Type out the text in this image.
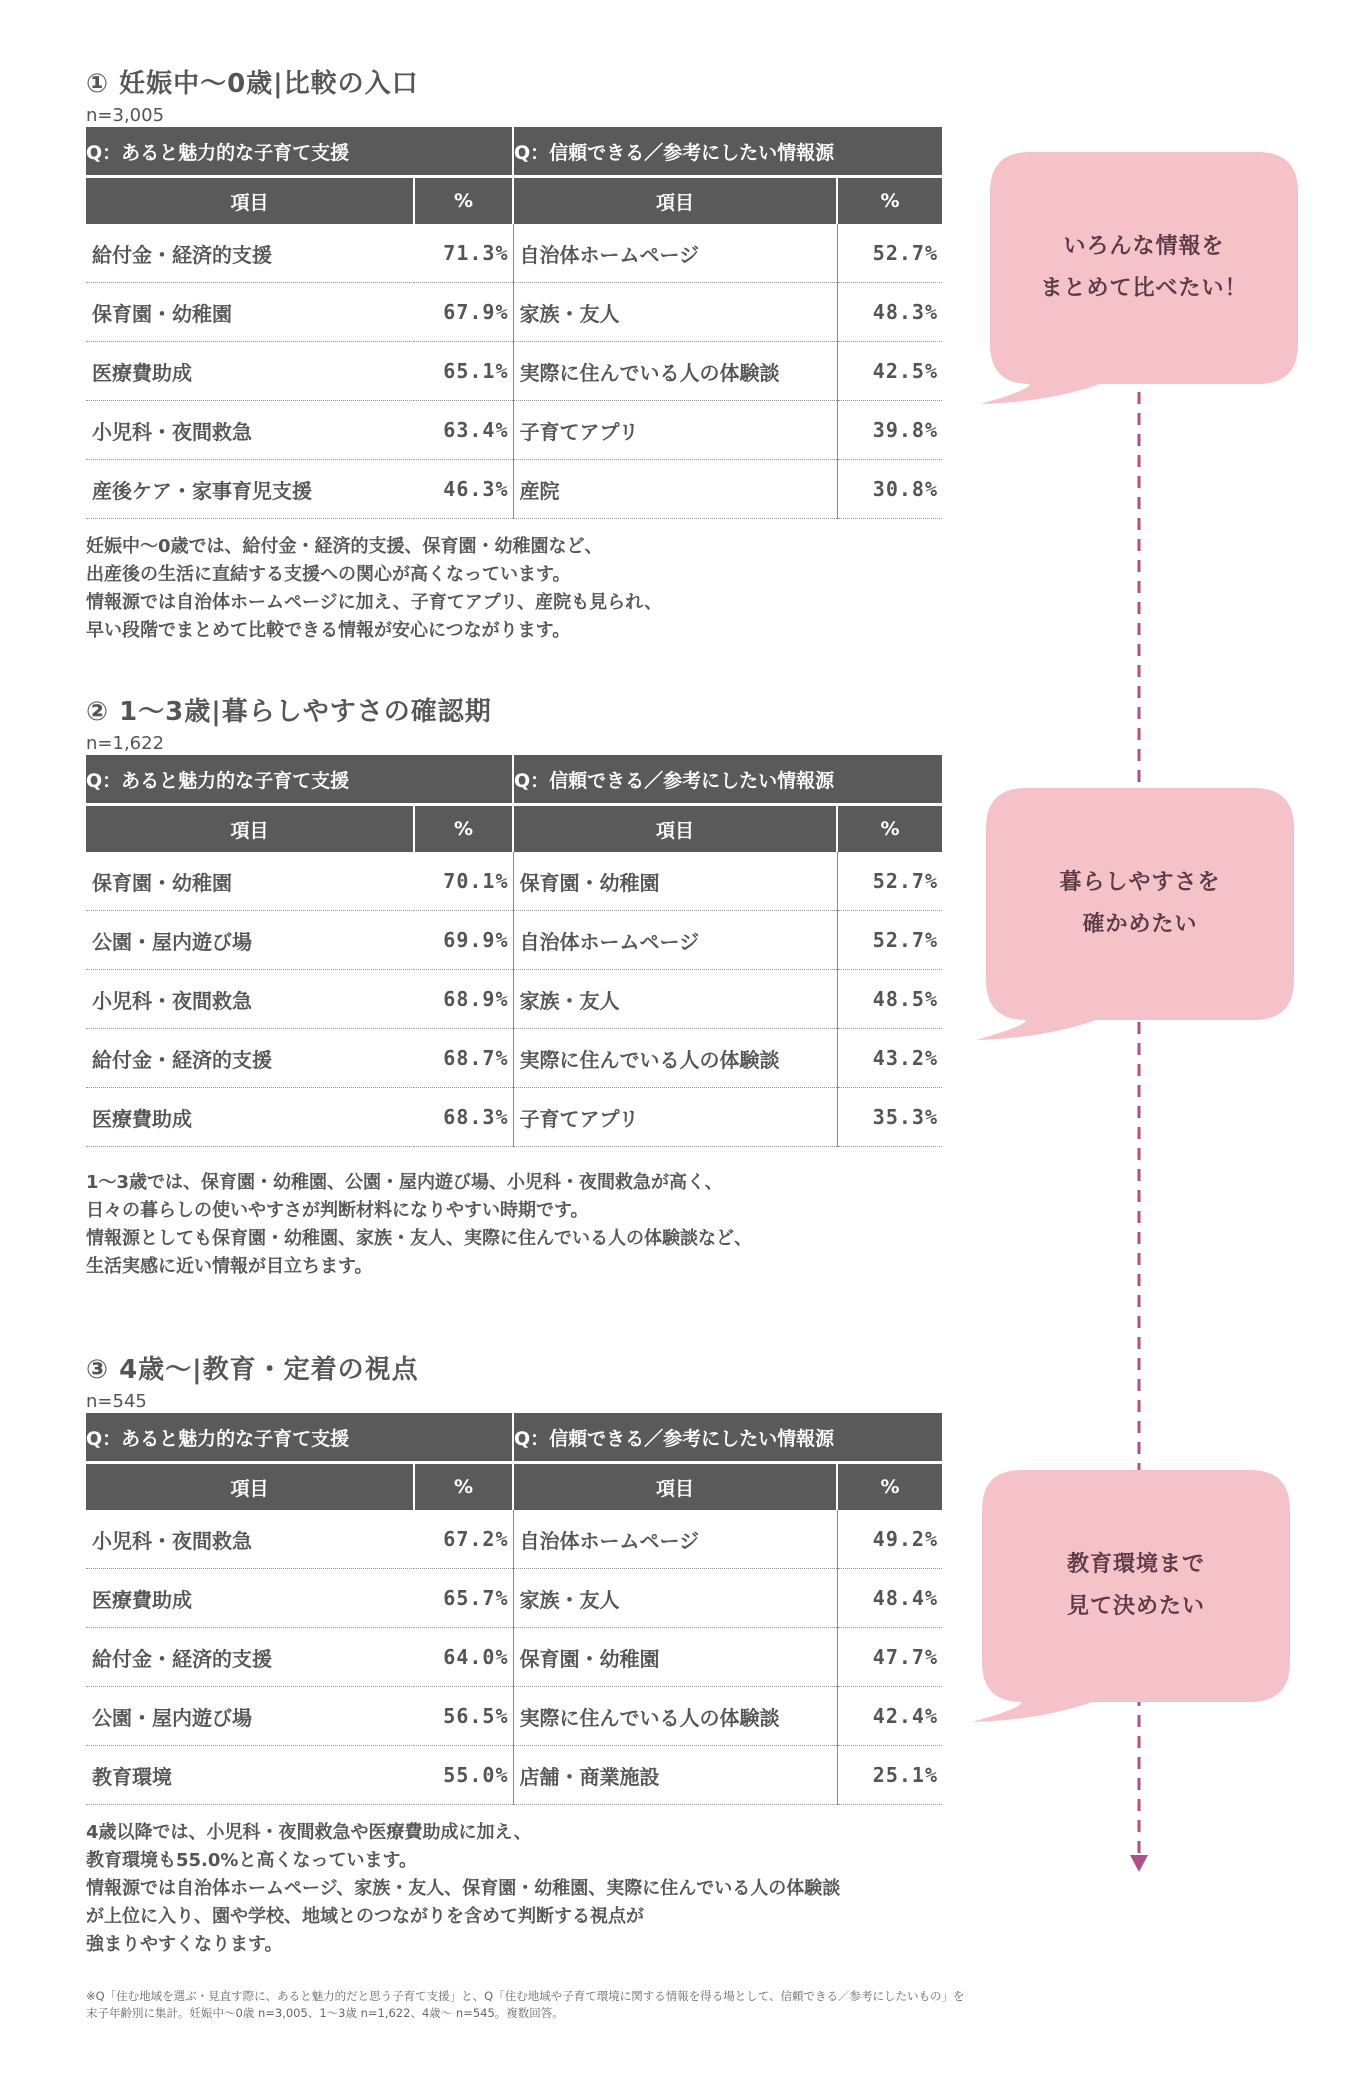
① 妊娠中〜0歳|比較の入口
n=3,005
Q：あると魅力的な子育て支援		Q：信頼できる／参考にしたい情報源	
項目	%	項目	%
給付金・経済的支援	71.3%	自治体ホームページ	52.7%
保育園・幼稚園	67.9%	家族・友人	48.3%
医療費助成	65.1%	実際に住んでいる人の体験談	42.5%
小児科・夜間救急	63.4%	子育てアプリ	39.8%
産後ケア・家事育児支援	46.3%	産院	30.8%
妊娠中〜0歳では、給付金・経済的支援、保育園・幼稚園など、
出産後の生活に直結する支援への関心が高くなっています。
情報源では自治体ホームページに加え、子育てアプリ、産院も見られ、
早い段階でまとめて比較できる情報が安心につながります。
② 1〜3歳|暮らしやすさの確認期
n=1,622
Q：あると魅力的な子育て支援		Q：信頼できる／参考にしたい情報源	
項目	%	項目	%
保育園・幼稚園	70.1%	保育園・幼稚園	52.7%
公園・屋内遊び場	69.9%	自治体ホームページ	52.7%
小児科・夜間救急	68.9%	家族・友人	48.5%
給付金・経済的支援	68.7%	実際に住んでいる人の体験談	43.2%
医療費助成	68.3%	子育てアプリ	35.3%
1〜3歳では、保育園・幼稚園、公園・屋内遊び場、小児科・夜間救急が高く、
日々の暮らしの使いやすさが判断材料になりやすい時期です。
情報源としても保育園・幼稚園、家族・友人、実際に住んでいる人の体験談など、
生活実感に近い情報が目立ちます。
③ 4歳〜|教育・定着の視点
n=545
Q：あると魅力的な子育て支援		Q：信頼できる／参考にしたい情報源	
項目	%	項目	%
小児科・夜間救急	67.2%	自治体ホームページ	49.2%
医療費助成	65.7%	家族・友人	48.4%
給付金・経済的支援	64.0%	保育園・幼稚園	47.7%
公園・屋内遊び場	56.5%	実際に住んでいる人の体験談	42.4%
教育環境	55.0%	店舗・商業施設	25.1%
4歳以降では、小児科・夜間救急や医療費助成に加え、
教育環境も55.0%と高くなっています。
情報源では自治体ホームページ、家族・友人、保育園・幼稚園、実際に住んでいる人の体験談
が上位に入り、園や学校、地域とのつながりを含めて判断する視点が
強まりやすくなります。
いろんな情報を
まとめて比べたい！
暮らしやすさを
確かめたい
教育環境まで
見て決めたい
※Q「住む地域を選ぶ・見直す際に、あると魅力的だと思う子育て支援」と、Q「住む地域や子育て環境に関する情報を得る場として、信頼できる／参考にしたいもの」を末子年齢別に集計。妊娠中〜0歳 n=3,005、1〜3歳 n=1,622、4歳〜 n=545。複数回答。
